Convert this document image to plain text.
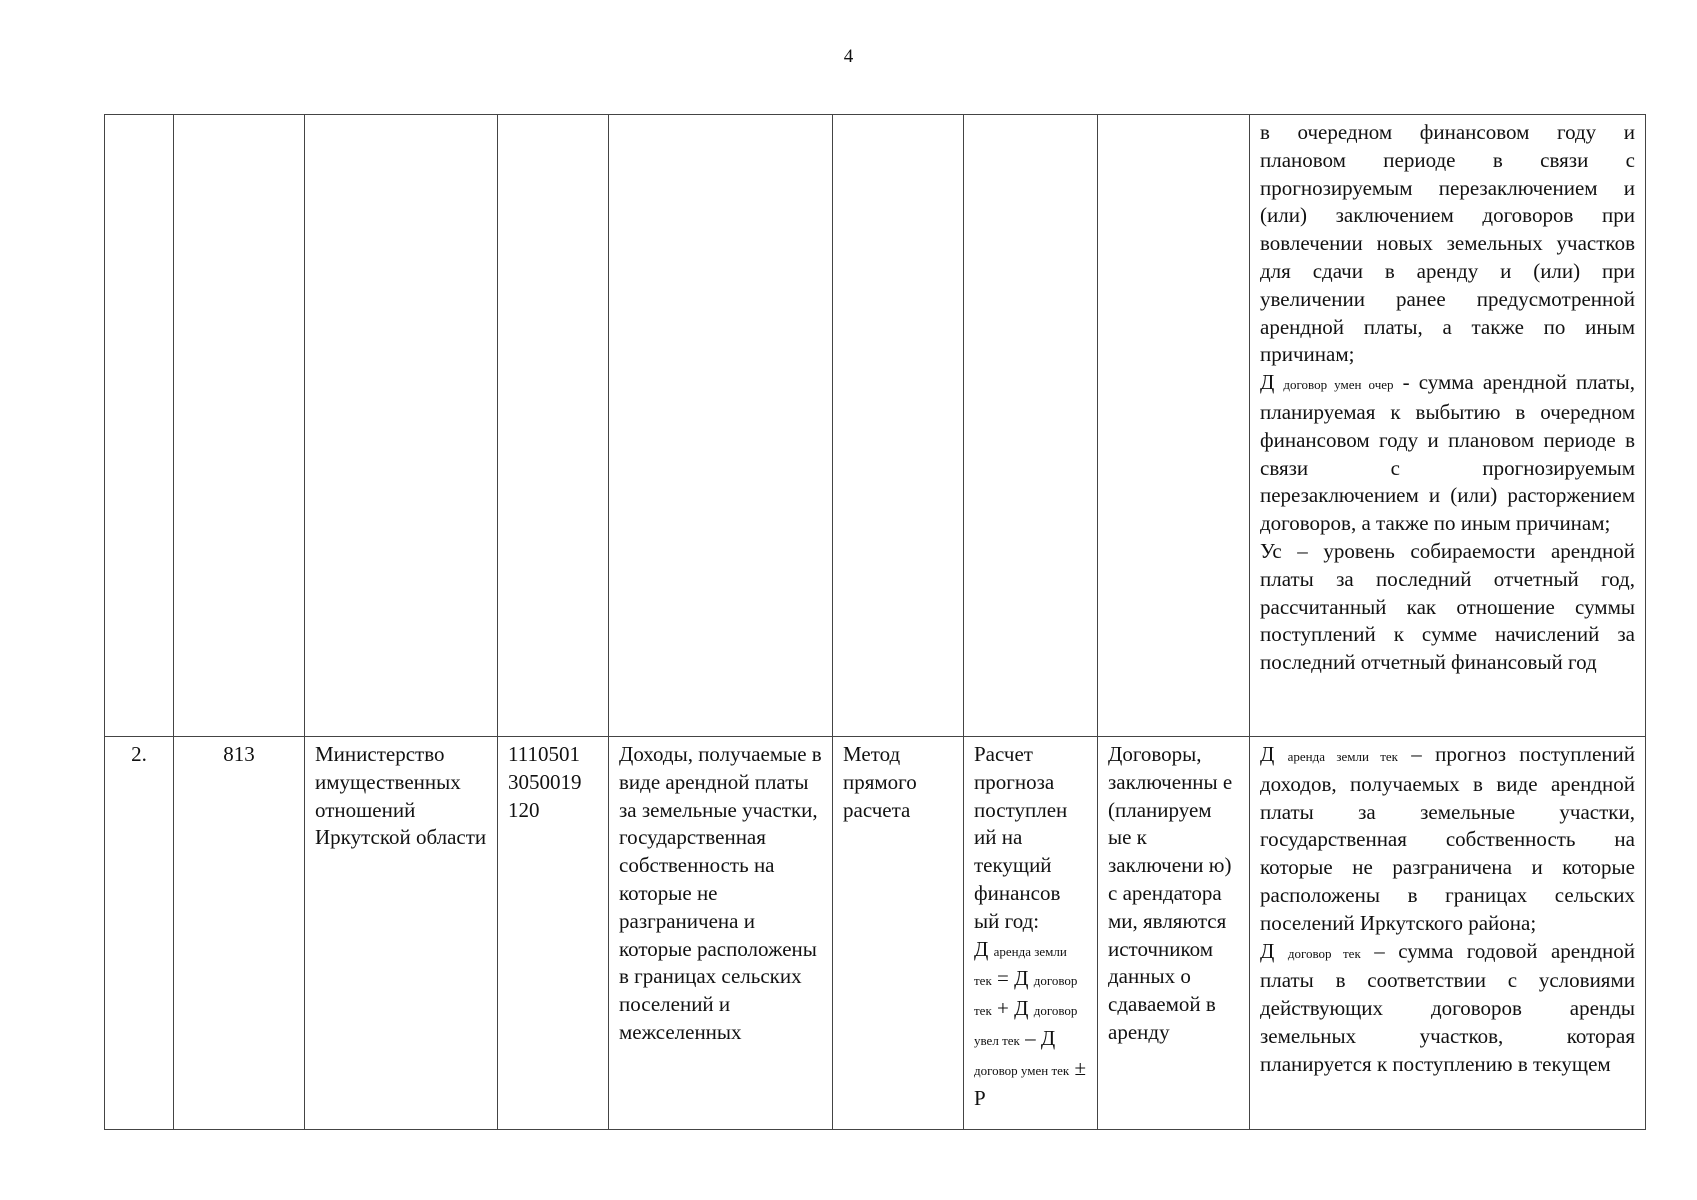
4

								в очередном финансовом году и плановом периоде в связи с прогнозируемым перезаключением и (или) заключением договоров при вовлечении новых земельных участков для сдачи в аренду и (или) при увеличении ранее предусмотренной арендной платы, а также по иным причинам;
Д договор умен очер - сумма арендной платы, планируемая к выбытию в очередном финансовом году и плановом периоде в связи с прогнозируемым перезаключением и (или) расторжением договоров, а также по иным причинам;
Ус – уровень собираемости арендной платы за последний отчетный год, рассчитанный как отношение суммы поступлений к сумме начислений за последний отчетный финансовый год

2.	813	Министерство имущественных отношений Иркутской области	1110501 3050019 120	Доходы, получаемые в виде арендной платы за земельные участки, государственная собственность на которые не разграничена и которые расположены в границах сельских поселений и межселенных	Метод прямого расчета	Расчет прогноза поступлен ий на текущий финансов ый год:
Д аренда земли тек = Д договор тек + Д договор увел тек – Д договор умен тек ± Р	Договоры, заключенны е (планируем ые к заключени ю) с арендатора ми, являются источником данных о сдаваемой в аренду	Д аренда земли тек – прогноз поступлений доходов, получаемых в виде арендной платы за земельные участки, государственная собственность на которые не разграничена и которые расположены в границах сельских поселений Иркутского района;
Д договор тек – сумма годовой арендной платы в соответствии с условиями действующих договоров аренды земельных участков, которая планируется к поступлению в текущем
